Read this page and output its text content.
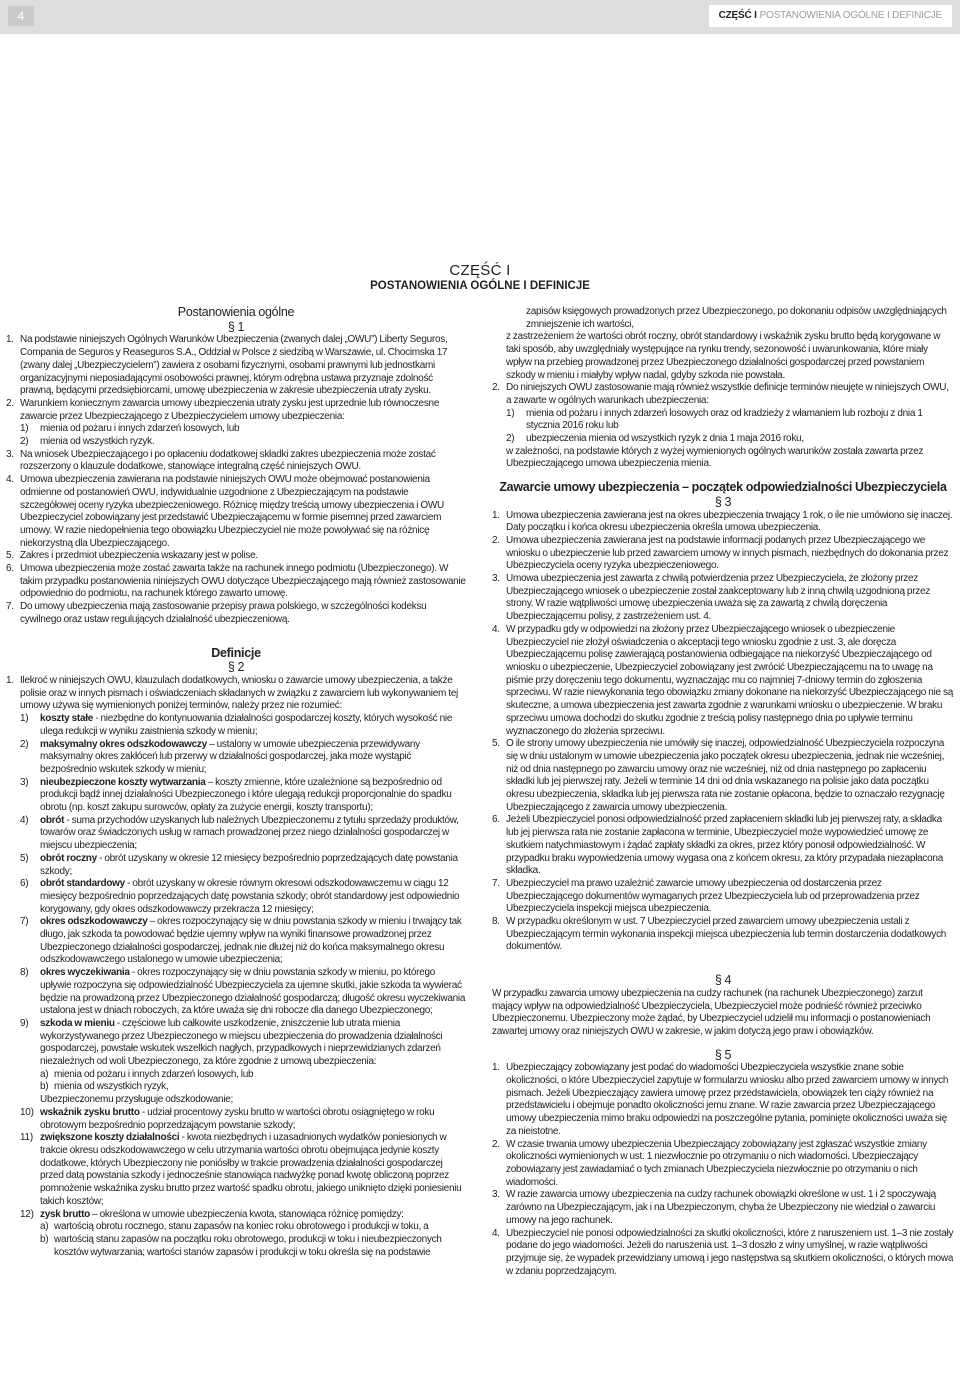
4	CZĘŚĆ I POSTANOWIENIA OGÓLNE I DEFINICJE
CZĘŚĆ I
POSTANOWIENIA OGÓLNE I DEFINICJE
Postanowienia ogólne
§ 1
1. Na podstawie niniejszych Ogólnych Warunków Ubezpieczenia (zwanych dalej „OWU”) Liberty Seguros, Compania de Seguros y Reaseguros S.A., Oddział w Polsce z siedzibą w Warszawie, ul. Chocimska 17 (zwany dalej „Ubezpieczycielem”) zawiera z osobami fizycznymi, osobami prawnymi lub jednostkami organizacyjnymi nieposiadającymi osobowości prawnej, którym odrębna ustawa przyznaje zdolność prawną, będącymi przedsiębiorcami, umowę ubezpieczenia w zakresie ubezpieczenia utraty zysku.
2. Warunkiem koniecznym zawarcia umowy ubezpieczenia utraty zysku jest uprzednie lub równoczesne zawarcie przez Ubezpieczającego z Ubezpieczycielem umowy ubezpieczenia:
1) mienia od pożaru i innych zdarzeń losowych, lub
2) mienia od wszystkich ryzyk.
3. Na wniosek Ubezpieczającego i po opłaceniu dodatkowej składki zakres ubezpieczenia może zostać rozszerzony o klauzule dodatkowe, stanowiące integralną część niniejszych OWU.
4. Umowa ubezpieczenia zawierana na podstawie niniejszych OWU może obejmować postanowienia odmienne od postanowień OWU, indywidualnie uzgodnione z Ubezpieczającym na podstawie szczegółowej oceny ryzyka ubezpieczeniowego. Różnicę między treścią umowy ubezpieczenia i OWU Ubezpieczyciel zobowiązany jest przedstawić Ubezpieczającemu w formie pisemnej przed zawarciem umowy. W razie niedopełnienia tego obowiązku Ubezpieczyciel nie może powoływać się na różnicę niekorzystną dla Ubezpieczającego.
5. Zakres i przedmiot ubezpieczenia wskazany jest w polise.
6. Umowa ubezpieczenia może zostać zawarta także na rachunek innego podmiotu (Ubezpieczonego). W takim przypadku postanowienia niniejszych OWU dotyczące Ubezpieczającego mają również zastosowanie odpowiednio do podmiotu, na rachunek którego zawarto umowę.
7. Do umowy ubezpieczenia mają zastosowanie przepisy prawa polskiego, w szczególności kodeksu cywilnego oraz ustaw regulujących działalność ubezpieczeniową.
Definicje
§ 2
1. Ilekroć w niniejszych OWU, klauzulach dodatkowych, wniosku o zawarcie umowy ubezpieczenia, a także polisie oraz w innych pismach i oświadczeniach składanych w związku z zawarciem lub wykonywaniem tej umowy używa się wymienionych poniżej terminów, należy przez nie rozumieć:
1) koszty stałe - niezbędne do kontynuowania działalności gospodarczej koszty, których wysokość nie ulega redukcji w wyniku zaistnienia szkody w mieniu;
2) maksymalny okres odszkodowawczy – ustalony w umowie ubezpieczenia przewidywany maksymalny okres zakłóceń lub przerwy w działalności gospodarczej, jaka może wystąpić bezpośrednio wskutek szkody w mieniu;
3) nieubezpieczone koszty wytwarzania – koszty zmienne, które uzależnione są bezpośrednio od produkcji bądź innej działalności Ubezpieczonego i które ulegają redukcji proporcjonalnie do spadku obrotu (np. koszt zakupu surowców, opłaty za zużycie energii, koszty transportu);
4) obrót - suma przychodów uzyskanych lub należnych Ubezpieczonemu z tytułu sprzedaży produktów, towarów oraz świadczonych usług w ramach prowadzonej przez niego działalności gospodarczej w miejscu ubezpieczenia;
5) obrót roczny - obrót uzyskany w okresie 12 miesięcy bezpośrednio poprzedzających datę powstania szkody;
6) obrót standardowy - obrót uzyskany w okresie równym okresowi odszkodowawczemu w ciągu 12 miesięcy bezpośrednio poprzedzających datę powstania szkody; obrót standardowy jest odpowiednio korygowany, gdy okres odszkodowawczy przekracza 12 miesięcy;
7) okres odszkodowawczy – okres rozpoczynający się w dniu powstania szkody w mieniu i trwający tak długo, jak szkoda ta powodować będzie ujemny wpływ na wyniki finansowe prowadzonej przez Ubezpieczonego działalności gospodarczej, jednak nie dłużej niż do końca maksymalnego okresu odszkodowawczego ustalonego w umowie ubezpieczenia;
8) okres wyczekiwania - okres rozpoczynający się w dniu powstania szkody w mieniu, po którego upływie rozpoczyna się odpowiedzialność Ubezpieczyciela za ujemne skutki, jakie szkoda ta wywierać będzie na prowadzoną przez Ubezpieczonego działalność gospodarczą; długość okresu wyczekiwania ustalona jest w dniach roboczych, za które uważa się dni robocze dla danego Ubezpieczonego;
9) szkoda w mieniu - częściowe lub całkowite uszkodzenie, zniszczenie lub utrata mienia wykorzystywanego przez Ubezpieczonego w miejscu ubezpieczenia do prowadzenia działalności gospodarczej, powstałe wskutek wszelkich nagłych, przypadkowych i nieprzewidzianych zdarzeń niezależnych od woli Ubezpieczonego, za które zgodnie z umową ubezpieczenia:
a) mienia od pożaru i innych zdarzeń losowych, lub
b) mienia od wszystkich ryzyk,
Ubezpieczonemu przysługuje odszkodowanie;
10) wskaźnik zysku brutto - udział procentowy zysku brutto w wartości obrotu osiągniętego w roku obrotowym bezpośrednio poprzedzającym powstanie szkody;
11) zwiększone koszty działalności - kwota niezbędnych i uzasadnionych wydatków poniesionych w trakcie okresu odszkodowawczego w celu utrzymania wartości obrotu obejmująca jedynie koszty dodatkowe, których Ubezpieczony nie poniósłby w trakcie prowadzenia działalności gospodarczej przed datą powstania szkody i jednocześnie stanowiąca nadwyżkę ponad kwotę obliczoną poprzez pomnożenie wskaźnika zysku brutto przez wartość spadku obrotu, jakiego uniknięto dzięki poniesieniu takich kosztów;
12) zysk brutto – określona w umowie ubezpieczenia kwota, stanowiąca różnicę pomiędzy:
a) wartością obrotu rocznego, stanu zapasów na koniec roku obrotowego i produkcji w toku, a
b) wartością stanu zapasów na początku roku obrotowego, produkcji w toku i nieubezpieczonych kosztów wytwarzania; wartości stanów zapasów i produkcji w toku określa się na podstawie
zapisów księgowych prowadzonych przez Ubezpieczonego, po dokonaniu odpisów uwzględniających zmniejszenie ich wartości,
z zastrzeżeniem że wartości obrót roczny, obrót standardowy i wskaźnik zysku brutto będą korygowane w taki sposób, aby uwzględniały występujące na rynku trendy, sezonowość i uwarunkowania, które miały wpływ na przebieg prowadzonej przez Ubezpieczonego działalności gospodarczej przed powstaniem szkody w mieniu i miałyby wpływ nadal, gdyby szkoda nie powstała.
2. Do niniejszych OWU zastosowanie mają również wszystkie definicje terminów nieujęte w niniejszych OWU, a zawarte w ogólnych warunkach ubezpieczenia:
1) mienia od pożaru i innych zdarzeń losowych oraz od kradzieży z włamaniem lub rozboju z dnia 1 stycznia 2016 roku lub
2) ubezpieczenia mienia od wszystkich ryzyk z dnia 1 maja 2016 roku,
w zależności, na podstawie których z wyżej wymienionych ogólnych warunków została zawarta przez Ubezpieczającego umowa ubezpieczenia mienia.
Zawarcie umowy ubezpieczenia – początek odpowiedzialności Ubezpieczyciela
§ 3
1. Umowa ubezpieczenia zawierana jest na okres ubezpieczenia trwający 1 rok, o ile nie umówiono się inaczej. Daty początku i końca okresu ubezpieczenia określa umowa ubezpieczenia.
2. Umowa ubezpieczenia zawierana jest na podstawie informacji podanych przez Ubezpieczającego we wniosku o ubezpieczenie lub przed zawarciem umowy w innych pismach, niezbędnych do dokonania przez Ubezpieczyciela oceny ryzyka ubezpieczeniowego.
3. Umowa ubezpieczenia jest zawarta z chwilą potwierdzenia przez Ubezpieczyciela, że złożony przez Ubezpieczającego wniosek o ubezpieczenie został zaakceptowany lub z inną chwilą uzgodnioną przez strony. W razie wątpliwości umowę ubezpieczenia uważa się za zawartą z chwilą doręczenia Ubezpieczającemu polisy, z zastrzeżeniem ust. 4.
4. W przypadku gdy w odpowiedzi na złożony przez Ubezpieczającego wniosek o ubezpieczenie Ubezpieczyciel nie złożył oświadczenia o akceptacji tego wniosku zgodnie z ust. 3, ale doręcza Ubezpieczającemu polisę zawierającą postanowienia odbiegające na niekorzyść Ubezpieczającego od wniosku o ubezpieczenie, Ubezpieczyciel zobowiązany jest zwrócić Ubezpieczającemu na to uwagę na piśmie przy doręczeniu tego dokumentu, wyznaczając mu co najmniej 7-dniowy termin do zgłoszenia sprzeciwu. W razie niewykonania tego obowiązku zmiany dokonane na niekorzyść Ubezpieczającego nie są skuteczne, a umowa ubezpieczenia jest zawarta zgodnie z warunkami wniosku o ubezpieczenie. W braku sprzeciwu umowa dochodzi do skutku zgodnie z treścią polisy następnego dnia po upływie terminu wyznaczonego do złożenia sprzeciwu.
5. O ile strony umowy ubezpieczenia nie umówiły się inaczej, odpowiedzialność Ubezpieczyciela rozpoczyna się w dniu ustalonym w umowie ubezpieczenia jako początek okresu ubezpieczenia, jednak nie wcześniej, niż od dnia następnego po zawarciu umowy oraz nie wcześniej, niż od dnia następnego po zapłaceniu składki lub jej pierwszej raty. Jeżeli w terminie 14 dni od dnia wskazanego na polisie jako data początku okresu ubezpieczenia, składka lub jej pierwsza rata nie zostanie opłacona, będzie to oznaczało rezygnację Ubezpieczającego z zawarcia umowy ubezpieczenia.
6. Jeżeli Ubezpieczyciel ponosi odpowiedzialność przed zapłaceniem składki lub jej pierwszej raty, a składka lub jej pierwsza rata nie zostanie zapłacona w terminie, Ubezpieczyciel może wypowiedzieć umowę ze skutkiem natychmiastowym i żądać zapłaty składki za okres, przez który ponosił odpowiedzialność. W przypadku braku wypowiedzenia umowy wygasa ona z końcem okresu, za który przypadała niezapłacona składka.
7. Ubezpieczyciel ma prawo uzależnić zawarcie umowy ubezpieczenia od dostarczenia przez Ubezpieczającego dokumentów wymaganych przez Ubezpieczyciela lub od przeprowadzenia przez Ubezpieczyciela inspekcji miejsca ubezpieczenia.
8. W przypadku określonym w ust. 7 Ubezpieczyciel przed zawarciem umowy ubezpieczenia ustali z Ubezpieczającym termin wykonania inspekcji miejsca ubezpieczenia lub termin dostarczenia dodatkowych dokumentów.
§ 4
W przypadku zawarcia umowy ubezpieczenia na cudzy rachunek (na rachunek Ubezpieczonego) zarzut mający wpływ na odpowiedzialność Ubezpieczyciela, Ubezpieczyciel może podnieść również przeciwko Ubezpieczonemu. Ubezpieczony może żądać, by Ubezpieczyciel udzielił mu informacji o postanowieniach zawartej umowy oraz niniejszych OWU w zakresie, w jakim dotyczą jego praw i obowiązków.
§ 5
1. Ubezpieczający zobowiązany jest podać do wiadomości Ubezpieczyciela wszystkie znane sobie okoliczności, o które Ubezpieczyciel zapytuje w formularzu wniosku albo przed zawarciem umowy w innych pismach. Jeżeli Ubezpieczający zawiera umowę przez przedstawiciela, obowiązek ten ciąży również na przedstawicielu i obejmuje ponadto okoliczności jemu znane. W razie zawarcia przez Ubezpieczającego umowy ubezpieczenia mimo braku odpowiedzi na poszczególne pytania, pominięte okoliczności uważa się za nieistotne.
2. W czasie trwania umowy ubezpieczenia Ubezpieczający zobowiązany jest zgłaszać wszystkie zmiany okoliczności wymienionych w ust. 1 niezwłocznie po otrzymaniu o nich wiadomości. Ubezpieczający zobowiązany jest zawiadamiać o tych zmianach Ubezpieczyciela niezwłocznie po otrzymaniu o nich wiadomości.
3. W razie zawarcia umowy ubezpieczenia na cudzy rachunek obowiązki określone w ust. 1 i 2 spoczywają zarówno na Ubezpieczającym, jak i na Ubezpieczonym, chyba że Ubezpieczony nie wiedział o zawarciu umowy na jego rachunek.
4. Ubezpieczyciel nie ponosi odpowiedzialności za skutki okoliczności, które z naruszeniem ust. 1–3 nie zostały podane do jego wiadomości. Jeżeli do naruszenia ust. 1–3 doszło z winy umyślnej, w razie wątpliwości przyjmuje się, że wypadek przewidziany umową i jego następstwa są skutkiem okoliczności, o których mowa w zdaniu poprzedzającym.
